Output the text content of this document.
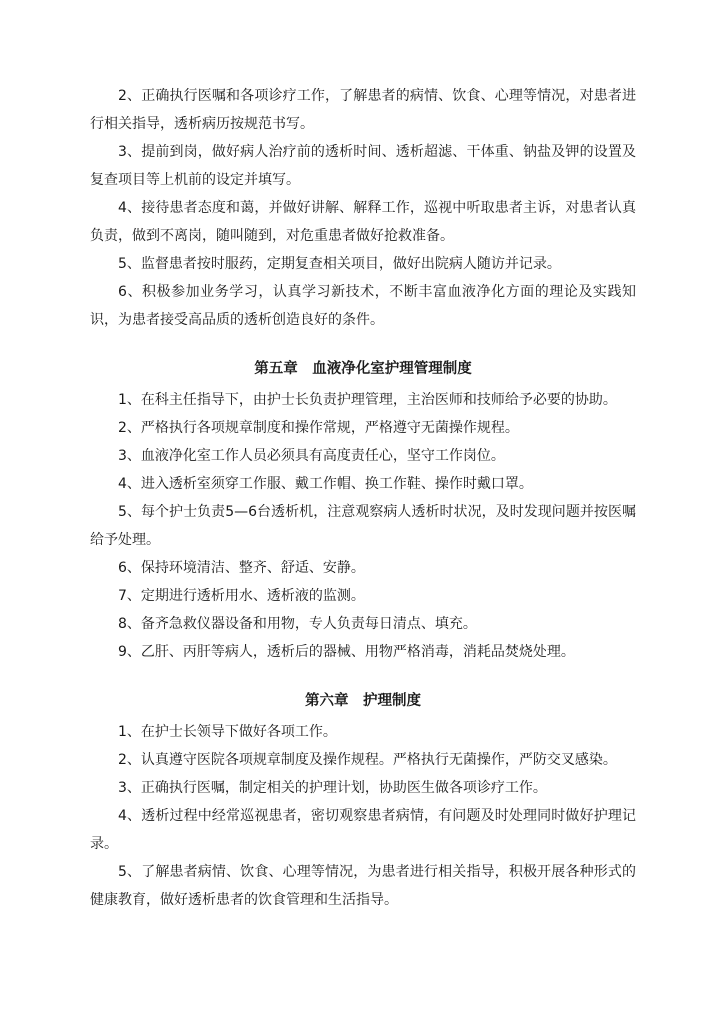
2、正确执行医嘱和各项诊疗工作，了解患者的病情、饮食、心理等情况，对患者进行相关指导，透析病历按规范书写。

3、提前到岗，做好病人治疗前的透析时间、透析超滤、干体重、钠盐及钾的设置及复查项目等上机前的设定并填写。

4、接待患者态度和蔼，并做好讲解、解释工作，巡视中听取患者主诉，对患者认真负责，做到不离岗，随叫随到，对危重患者做好抢救准备。

5、监督患者按时服药，定期复查相关项目，做好出院病人随访并记录。

6、积极参加业务学习，认真学习新技术，不断丰富血液净化方面的理论及实践知识，为患者接受高品质的透析创造良好的条件。

第五章　血液净化室护理管理制度

1、在科主任指导下，由护士长负责护理管理，主治医师和技师给予必要的协助。

2、严格执行各项规章制度和操作常规，严格遵守无菌操作规程。

3、血液净化室工作人员必须具有高度责任心，坚守工作岗位。

4、进入透析室须穿工作服、戴工作帽、换工作鞋、操作时戴口罩。

5、每个护士负责5—6台透析机，注意观察病人透析时状况，及时发现问题并按医嘱给予处理。

6、保持环境清洁、整齐、舒适、安静。

7、定期进行透析用水、透析液的监测。

8、备齐急救仪器设备和用物，专人负责每日清点、填充。

9、乙肝、丙肝等病人，透析后的器械、用物严格消毒，消耗品焚烧处理。

第六章　护理制度

1、在护士长领导下做好各项工作。

2、认真遵守医院各项规章制度及操作规程。严格执行无菌操作，严防交叉感染。

3、正确执行医嘱，制定相关的护理计划，协助医生做各项诊疗工作。

4、透析过程中经常巡视患者，密切观察患者病情，有问题及时处理同时做好护理记录。

5、了解患者病情、饮食、心理等情况，为患者进行相关指导，积极开展各种形式的健康教育，做好透析患者的饮食管理和生活指导。
